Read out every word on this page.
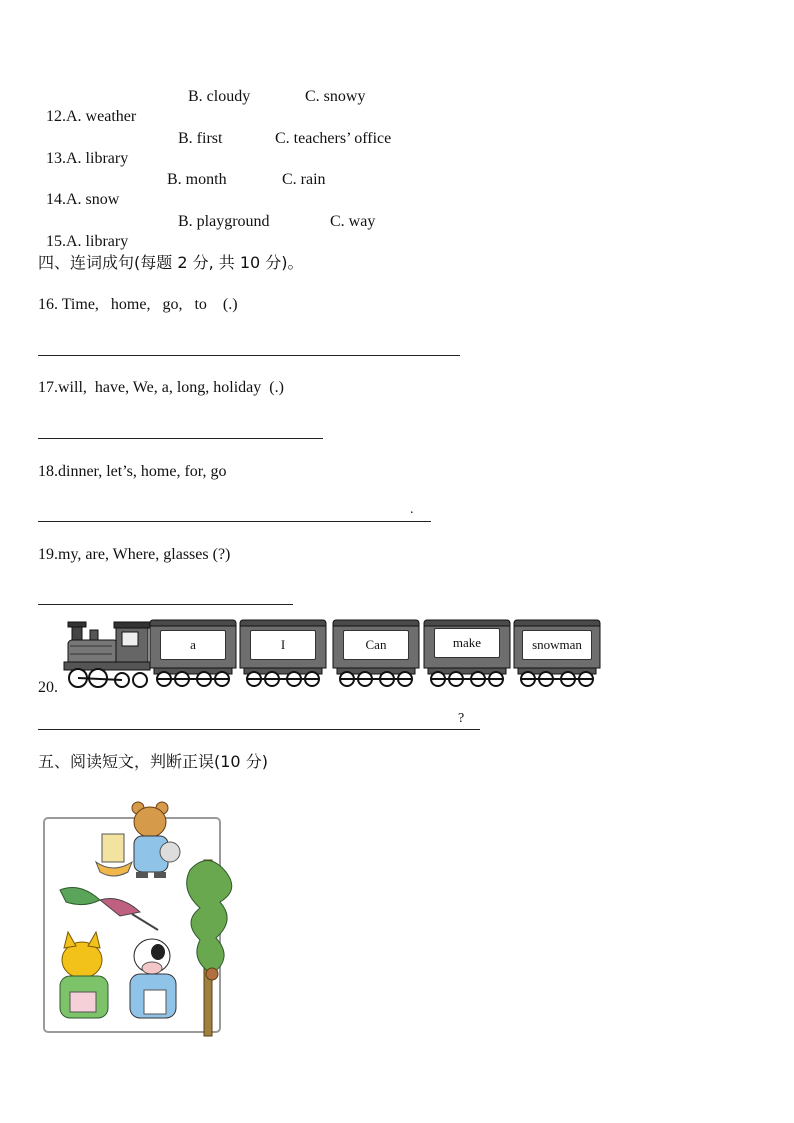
12.A. weather

B. cloudy

	C. snowy

13.A. library

B. first

	C. teachers’ office

14.A. snow

B. month

	C. rain

15.A. library

B. playground

	C. way

四、连词成句(每题 2 分, 共 10 分)。
16. Time,   home,   go,   to    (.)
17.will,  have, We, a, long, holiday  (.)
18.dinner, let’s, home, for, go
.
19.my, are, Where, glasses (?)
20.
a	I	Can	make	snowman
?
五、阅读短文，判断正误(10 分)
